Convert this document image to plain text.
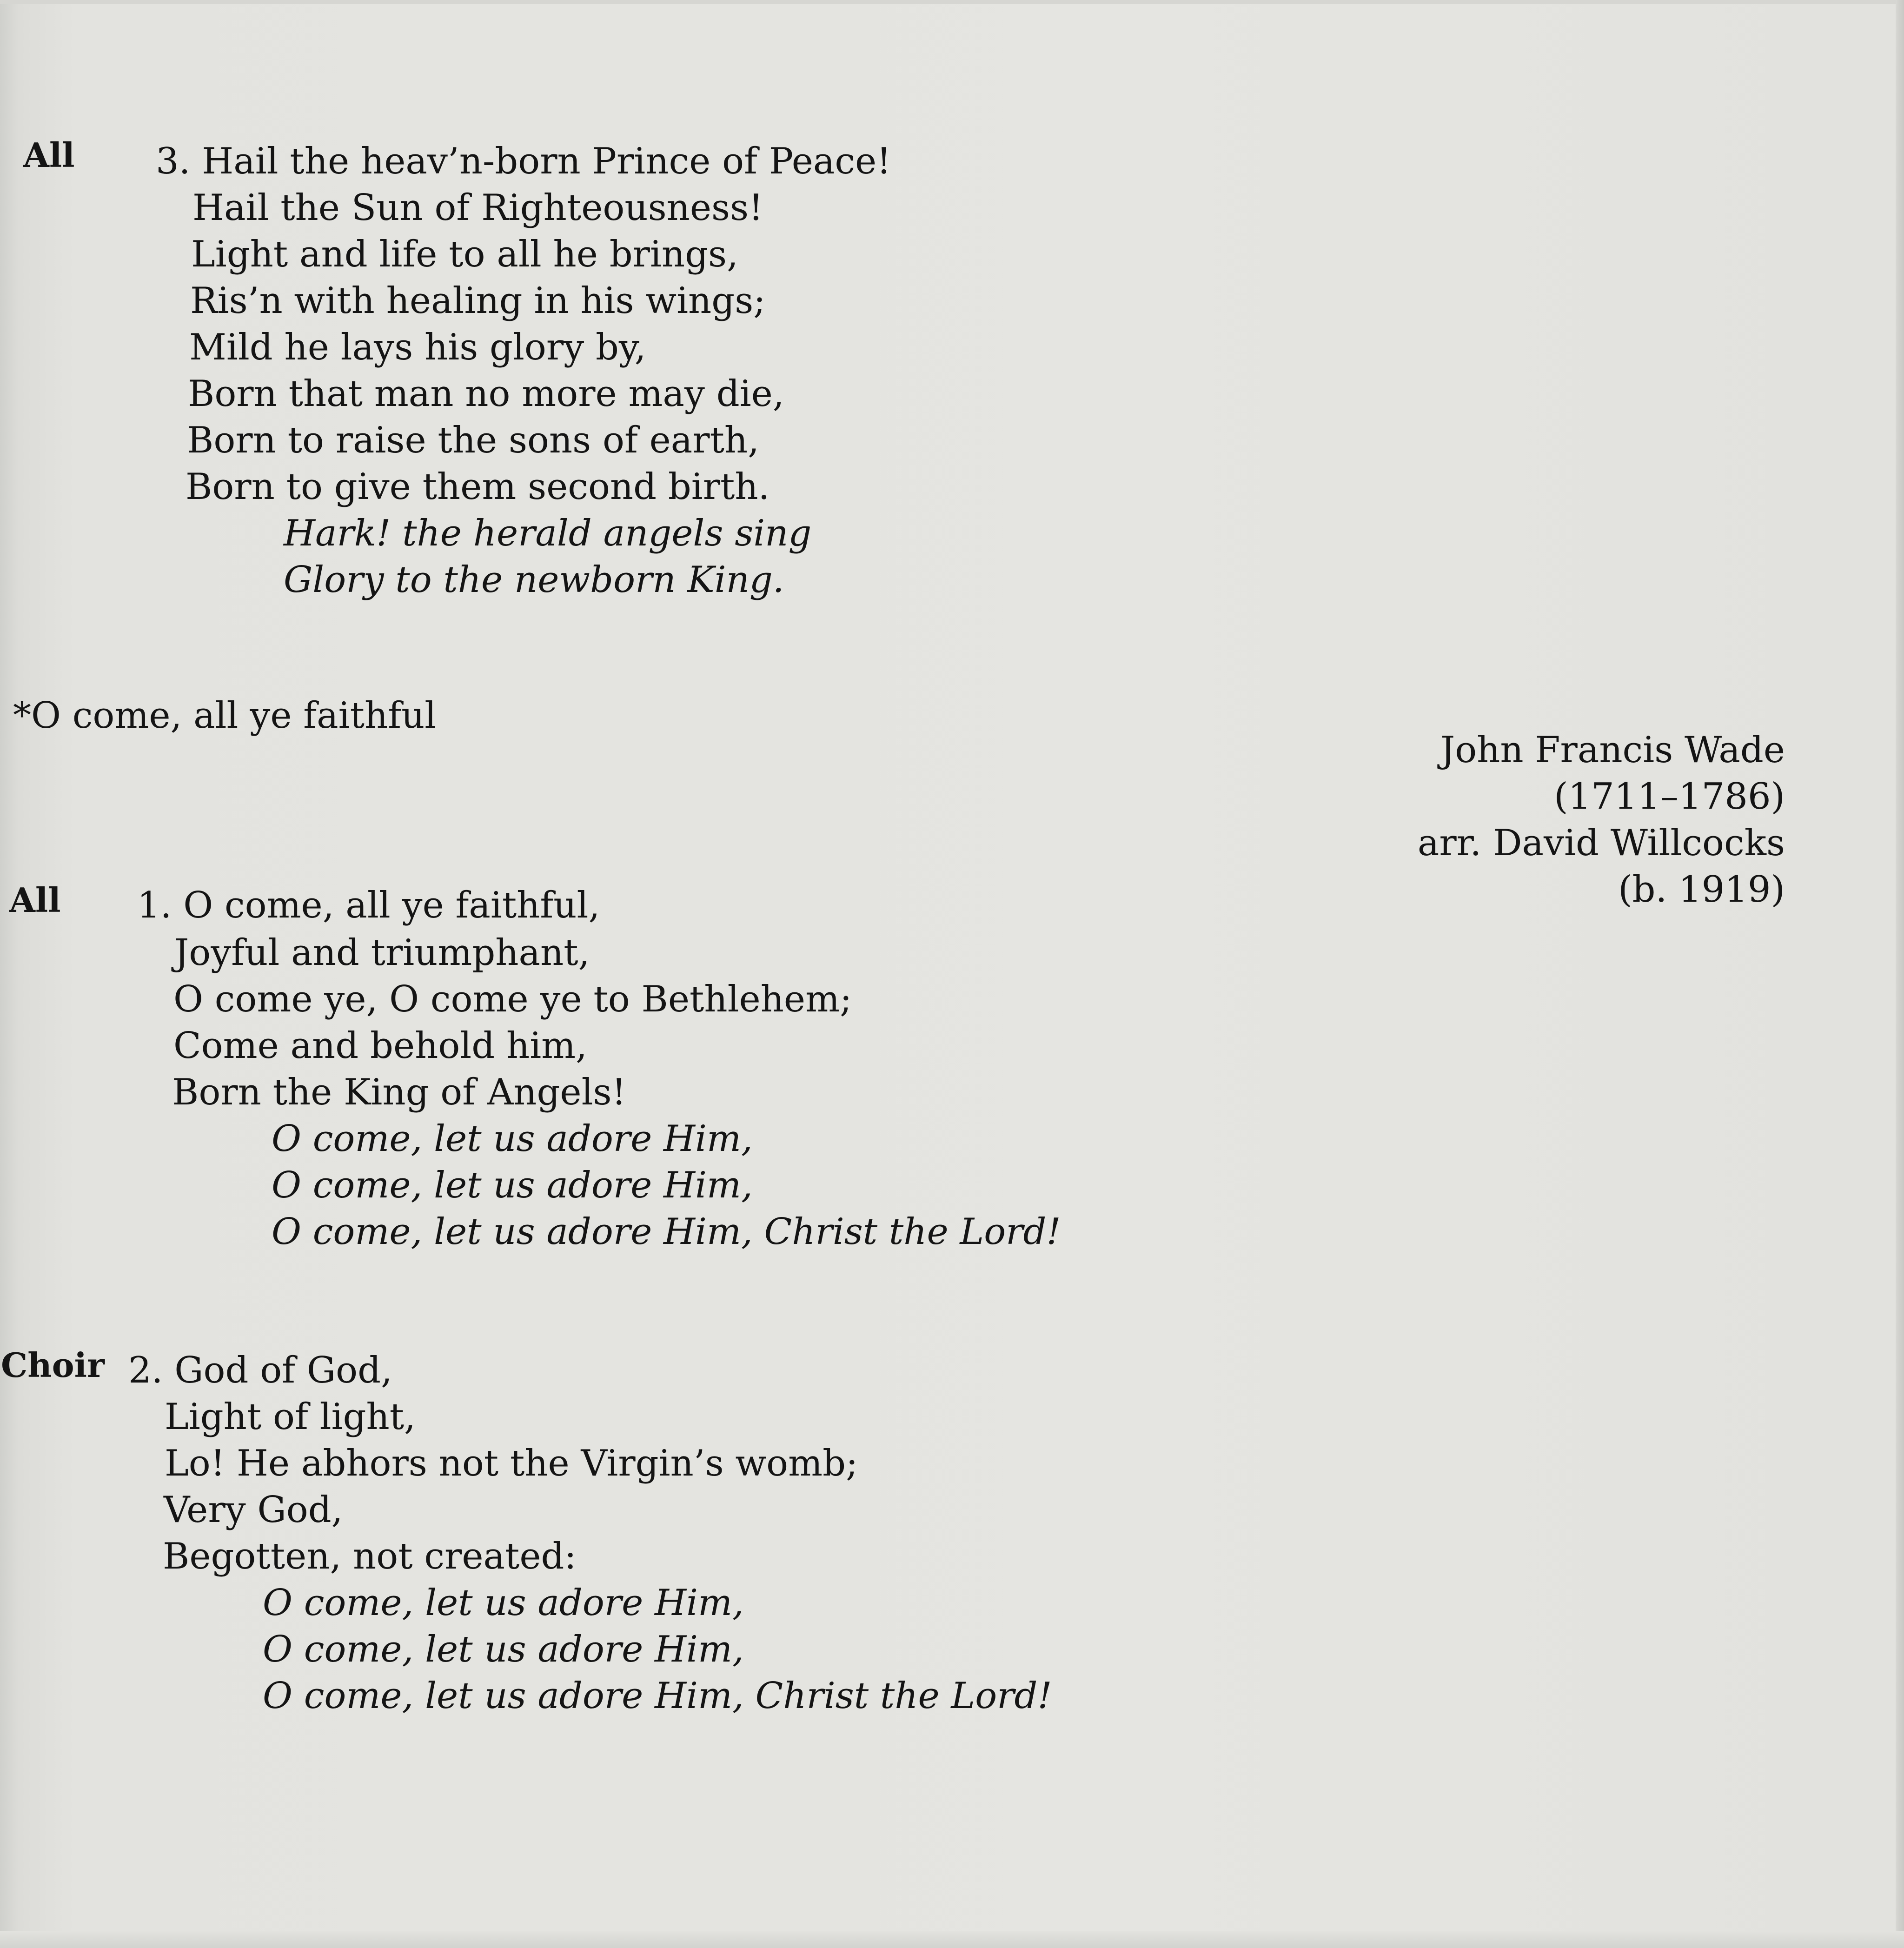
All 3. Hail the heav’n-born Prince of Peace!
Hail the Sun of Righteousness!
Light and life to all he brings,
Ris’n with healing in his wings;
Mild he lays his glory by,
Born that man no more may die,
Born to raise the sons of earth,
Born to give them second birth.
Hark! the herald angels sing
Glory to the newborn King.
*O come, all ye faithful
John Francis Wade
(1711–1786)
arr. David Willcocks
(b. 1919)
All 1. O come, all ye faithful,
Joyful and triumphant,
O come ye, O come ye to Bethlehem;
Come and behold him,
Born the King of Angels!
O come, let us adore Him,
O come, let us adore Him,
O come, let us adore Him, Christ the Lord!
Choir 2. God of God,
Light of light,
Lo! He abhors not the Virgin’s womb;
Very God,
Begotten, not created:
O come, let us adore Him,
O come, let us adore Him,
O come, let us adore Him, Christ the Lord!
